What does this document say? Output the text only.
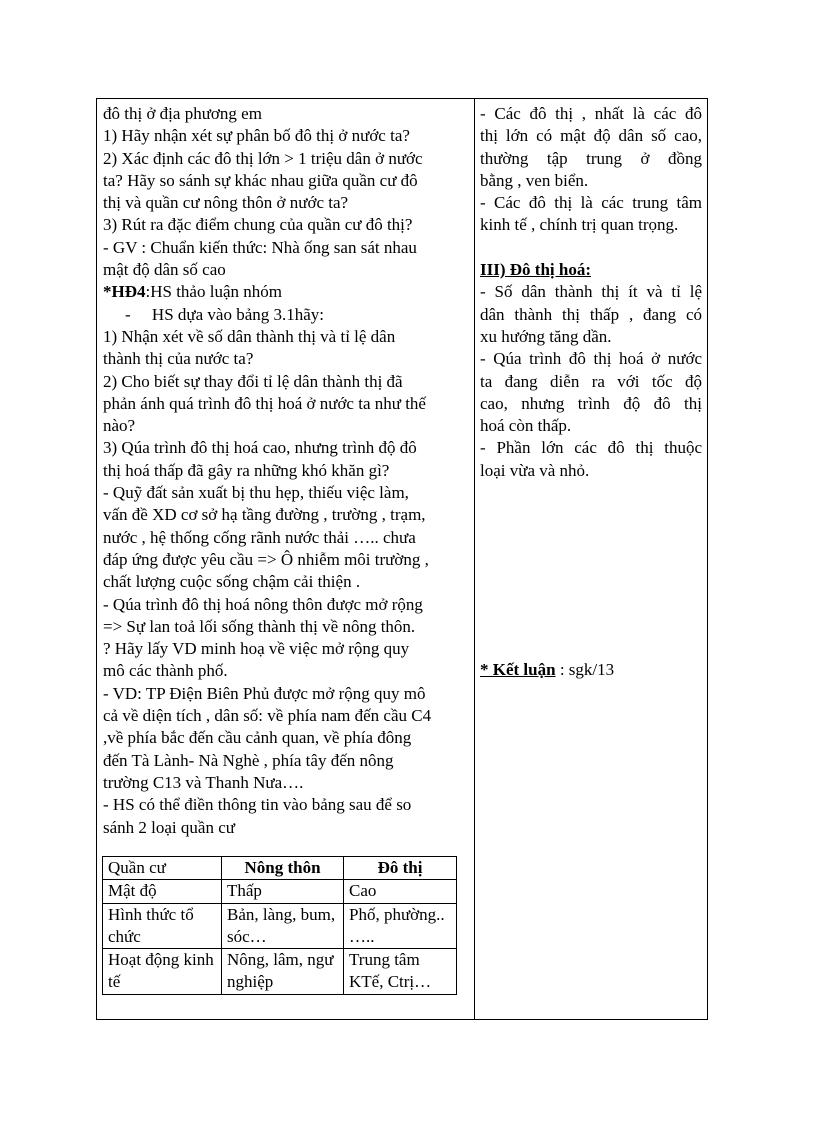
đô thị ở địa phương em
1) Hãy nhận xét sự phân bố đô thị ở nước ta?
2) Xác định các đô thị lớn > 1 triệu dân ở nước
ta? Hãy so sánh sự khác nhau giữa quần cư đô
thị và quần cư nông thôn ở nước ta?
3) Rút ra đặc điểm chung của quần cư đô thị?
- GV : Chuẩn kiến thức: Nhà ống san sát nhau
mật độ dân số cao
*HĐ4:HS thảo luận nhóm
-     HS dựa vào bảng 3.1hãy:
1) Nhận xét về số dân thành thị và tỉ lệ dân
thành thị của nước ta?
2) Cho biết sự thay đổi tỉ lệ dân thành thị đã
phản ánh quá trình đô thị hoá ở nước ta như thế
nào?
3) Qúa trình đô thị hoá cao, nhưng trình độ đô
thị hoá thấp đã gây ra những khó khăn gì?
- Quỹ đất sản xuất bị thu hẹp, thiếu việc làm,
vấn đề XD cơ sở hạ tầng đường , trường , trạm,
nước , hệ thống cống rãnh nước thải ….. chưa
đáp ứng được yêu cầu => Ô nhiễm môi trường ,
chất lượng cuộc sống chậm cải thiện .
- Qúa trình đô thị hoá nông thôn được mở rộng
=> Sự lan toả lối sống thành thị về nông thôn.
? Hãy lấy VD minh hoạ về việc mở rộng quy
mô các thành phố.
- VD: TP Điện Biên Phủ được mở rộng quy mô
cả về diện tích , dân số: về phía nam đến cầu C4
,về phía bắc đến cầu cảnh quan, về phía đông
đến Tà Lành- Nà Nghè , phía tây đến nông
trường C13 và Thanh Nưa….
- HS có thể điền thông tin vào bảng sau để so
sánh 2 loại quần cư
Quần cư	Nông thôn	Đô thị
Mật độ	Thấp	Cao
Hình thức tổ chức	Bản, làng, bum, sóc…	Phố, phường.. …..
Hoạt động kinh tế	Nông, lâm, ngư nghiệp	Trung tâm KTế, Ctrị…
- Các đô thị , nhất là các đô
thị lớn có mật độ dân số cao,
thường tập trung ở đồng
bằng , ven biển.
- Các đô thị là các trung tâm
kinh tế , chính trị quan trọng.
III) Đô thị hoá:
- Số dân thành thị ít và tỉ lệ
dân thành thị thấp , đang có
xu hướng tăng dần.
- Qúa trình đô thị hoá ở nước
ta đang diễn ra với tốc độ
cao, nhưng trình độ đô thị
hoá còn thấp.
- Phần lớn các đô thị thuộc
loại vừa và nhỏ.
* Kết luận : sgk/13
